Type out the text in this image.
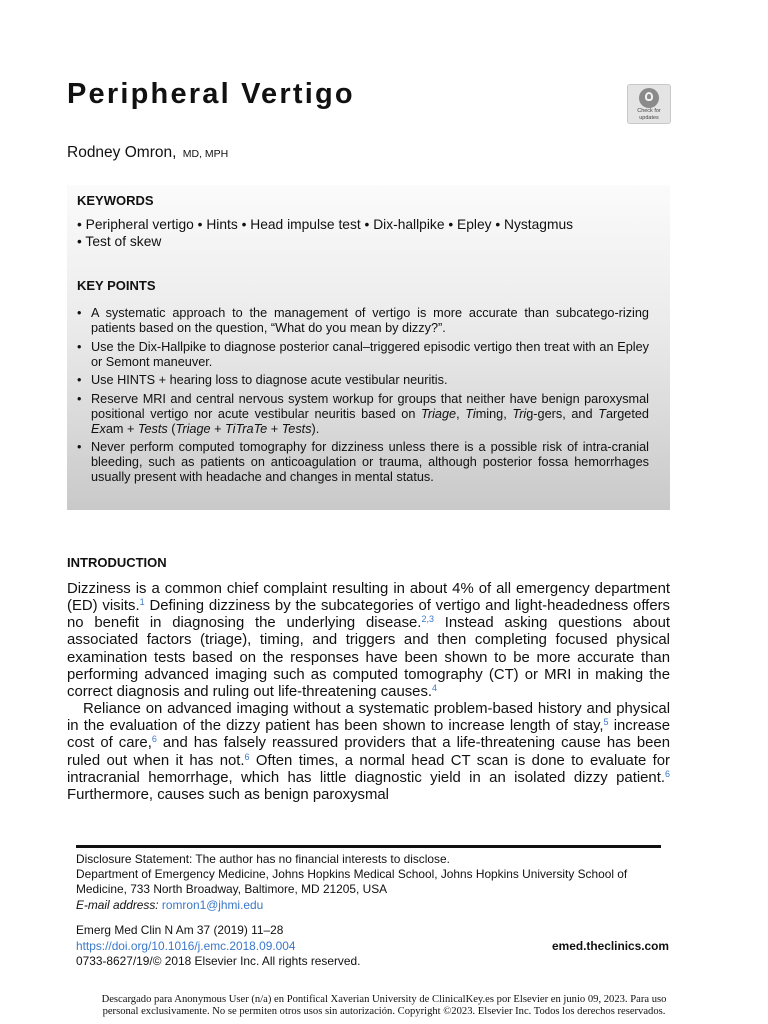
Peripheral Vertigo
Check for
updates
Rodney Omron, MD, MPH
KEYWORDS
• Peripheral vertigo • Hints • Head impulse test • Dix-hallpike • Epley • Nystagmus
• Test of skew
KEY POINTS
• A systematic approach to the management of vertigo is more accurate than subcatego-rizing patients based on the question, “What do you mean by dizzy?”.
• Use the Dix-Hallpike to diagnose posterior canal–triggered episodic vertigo then treat with an Epley or Semont maneuver.
• Use HINTS + hearing loss to diagnose acute vestibular neuritis.
• Reserve MRI and central nervous system workup for groups that neither have benign paroxysmal positional vertigo nor acute vestibular neuritis based on Triage, Timing, Trig-gers, and Targeted Exam + Tests (Triage + TiTraTe + Tests).
• Never perform computed tomography for dizziness unless there is a possible risk of intra-cranial bleeding, such as patients on anticoagulation or trauma, although posterior fossa hemorrhages usually present with headache and changes in mental status.
INTRODUCTION

Dizziness is a common chief complaint resulting in about 4% of all emergency department (ED) visits.$^1$ Defining dizziness by the subcategories of vertigo and light-headedness offers no benefit in diagnosing the underlying disease.$^{2,3}$ Instead asking questions about associated factors (triage), timing, and triggers and then completing focused physical examination tests based on the responses have been shown to be more accurate than performing advanced imaging such as computed tomography (CT) or MRI in making the correct diagnosis and ruling out life-threatening causes.$^4$

Reliance on advanced imaging without a systematic problem-based history and physical in the evaluation of the dizzy patient has been shown to increase length of stay,$^5$ increase cost of care,$^6$ and has falsely reassured providers that a life-threatening cause has been ruled out when it has not.$^6$ Often times, a normal head CT scan is done to evaluate for intracranial hemorrhage, which has little diagnostic yield in an isolated dizzy patient.$^6$ Furthermore, causes such as benign paroxysmal

Disclosure Statement: The author has no financial interests to disclose.
Department of Emergency Medicine, Johns Hopkins Medical School, Johns Hopkins University School of Medicine, 733 North Broadway, Baltimore, MD 21205, USA
E-mail address: romron1@jhmi.edu
Emerg Med Clin N Am 37 (2019) 11–28
https://doi.org/10.1016/j.emc.2018.09.004
0733-8627/19/© 2018 Elsevier Inc. All rights reserved.
emed.theclinics.com
Descargado para Anonymous User (n/a) en Pontifical Xaverian University de ClinicalKey.es por Elsevier en junio 09, 2023. Para uso
personal exclusivamente. No se permiten otros usos sin autorización. Copyright ©2023. Elsevier Inc. Todos los derechos reservados.
